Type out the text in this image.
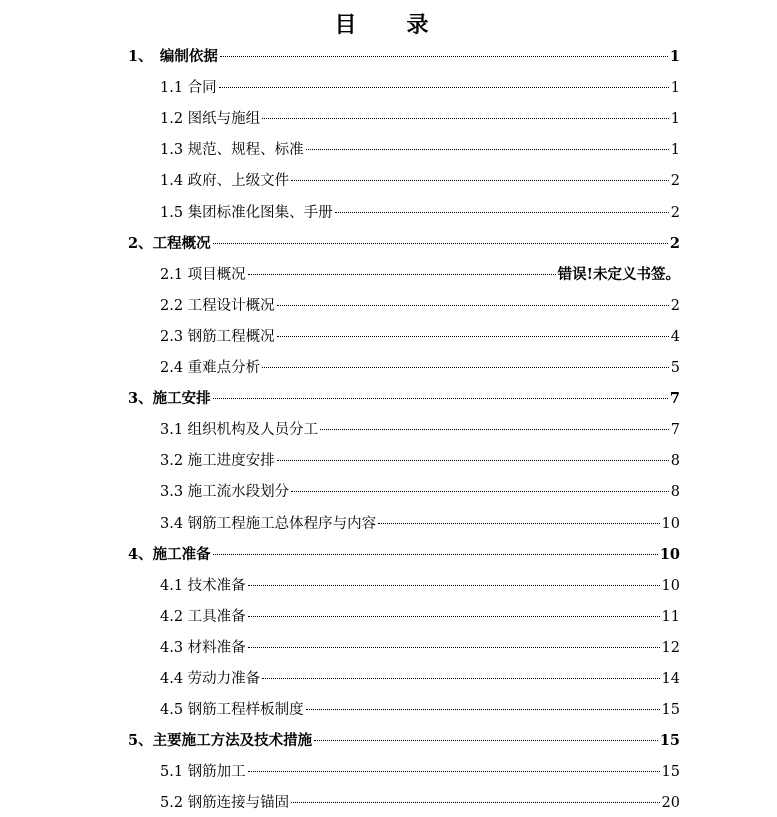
目　录
1、　编制依据	1
1.1 合同	1
1.2 图纸与施组	1
1.3 规范、规程、标准	1
1.4 政府、上级文件	2
1.5 集团标准化图集、手册	2
2、工程概况	2
2.1 项目概况	错误!未定义书签。
2.2 工程设计概况	2
2.3 钢筋工程概况	4
2.4 重难点分析	5
3、施工安排	7
3.1 组织机构及人员分工	7
3.2 施工进度安排	8
3.3 施工流水段划分	8
3.4 钢筋工程施工总体程序与内容	10
4、施工准备	10
4.1 技术准备	10
4.2 工具准备	11
4.3 材料准备	12
4.4 劳动力准备	14
4.5 钢筋工程样板制度	15
5、主要施工方法及技术措施	15
5.1 钢筋加工	15
5.2 钢筋连接与锚固	20
